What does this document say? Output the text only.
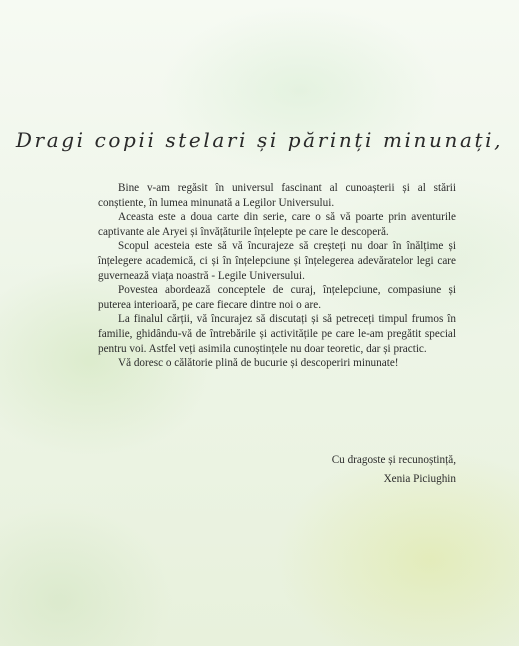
Dragi copii stelari și părinți minunați,

Bine v-am regăsit în universul fascinant al cunoașterii și al stării conștiente, în lumea minunată a Legilor Universului.

Aceasta este a doua carte din serie, care o să vă poarte prin aventurile captivante ale Aryei și învățăturile înțelepte pe care le descoperă.

Scopul acesteia este să vă încurajeze să creșteți nu doar în înălțime și înțelegere academică, ci și în înțelepciune și înțelegerea adevăratelor legi care guvernează viața noastră - Legile Universului.

Povestea abordează conceptele de curaj, înțelepciune, compasiune și puterea interioară, pe care fiecare dintre noi o are.

La finalul cărții, vă încurajez să discutați și să petreceți timpul frumos în familie, ghidându-vă de întrebările și activitățile pe care le-am pregătit special pentru voi. Astfel veți asimila cunoștințele nu doar teoretic, dar și practic.

Vă doresc o călătorie plină de bucurie și descoperiri minunate!

Cu dragoste și recunoștință,
Xenia Piciughin
